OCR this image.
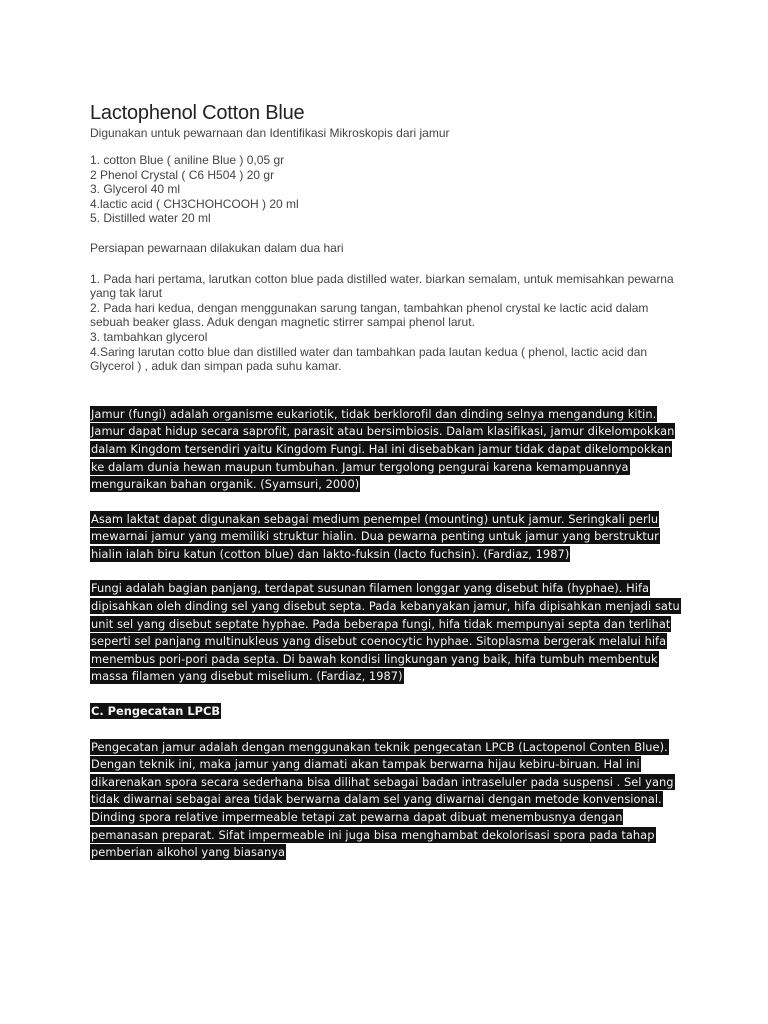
Lactophenol Cotton Blue

Digunakan untuk pewarnaan dan Identifikasi Mikroskopis dari jamur

1. cotton Blue ( aniline Blue ) 0,05 gr
2 Phenol Crystal ( C6 H504 ) 20 gr
3. Glycerol 40 ml
4.lactic acid ( CH3CHOHCOOH ) 20 ml
5. Distilled water 20 ml

Persiapan pewarnaan dilakukan dalam dua hari

1. Pada hari pertama, larutkan cotton blue pada distilled water. biarkan semalam, untuk memisahkan pewarna yang tak larut
2. Pada hari kedua, dengan menggunakan sarung tangan, tambahkan phenol crystal ke lactic acid dalam sebuah beaker glass. Aduk dengan magnetic stirrer sampai phenol larut.
3. tambahkan glycerol
4.Saring larutan cotto blue dan distilled water dan tambahkan pada lautan kedua ( phenol, lactic acid dan Glycerol ) , aduk dan simpan pada suhu kamar.

Jamur (fungi) adalah organisme eukariotik, tidak berklorofil dan dinding selnya mengandung kitin. Jamur dapat hidup secara saprofit, parasit atau bersimbiosis. Dalam klasifikasi, jamur dikelompokkan dalam Kingdom tersendiri yaitu Kingdom Fungi. Hal ini disebabkan jamur tidak dapat dikelompokkan ke dalam dunia hewan maupun tumbuhan. Jamur tergolong pengurai karena kemampuannya menguraikan bahan organik. (Syamsuri, 2000)

Asam laktat dapat digunakan sebagai medium penempel (mounting) untuk jamur. Seringkali perlu mewarnai jamur yang memiliki struktur hialin. Dua pewarna penting untuk jamur yang berstruktur hialin ialah biru katun (cotton blue) dan lakto-fuksin (lacto fuchsin). (Fardiaz, 1987)

Fungi adalah bagian panjang, terdapat susunan filamen longgar yang disebut hifa (hyphae). Hifa dipisahkan oleh dinding sel yang disebut septa. Pada kebanyakan jamur, hifa dipisahkan menjadi satu unit sel yang disebut septate hyphae. Pada beberapa fungi, hifa tidak mempunyai septa dan terlihat seperti sel panjang multinukleus yang disebut coenocytic hyphae. Sitoplasma bergerak melalui hifa menembus pori-pori pada septa. Di bawah kondisi lingkungan yang baik, hifa tumbuh membentuk massa filamen yang disebut miselium. (Fardiaz, 1987)

C. Pengecatan LPCB

Pengecatan jamur adalah dengan menggunakan teknik pengecatan LPCB (Lactopenol Conten Blue). Dengan teknik ini, maka jamur yang diamati akan tampak berwarna hijau kebiru-biruan. Hal ini dikarenakan spora secara sederhana bisa dilihat sebagai badan intraseluler pada suspensi . Sel yang tidak diwarnai sebagai area tidak berwarna dalam sel yang diwarnai dengan metode konvensional. Dinding spora relative impermeable tetapi zat pewarna dapat dibuat menembusnya dengan pemanasan preparat. Sifat impermeable ini juga bisa menghambat dekolorisasi spora pada tahap pemberian alkohol yang biasanya
